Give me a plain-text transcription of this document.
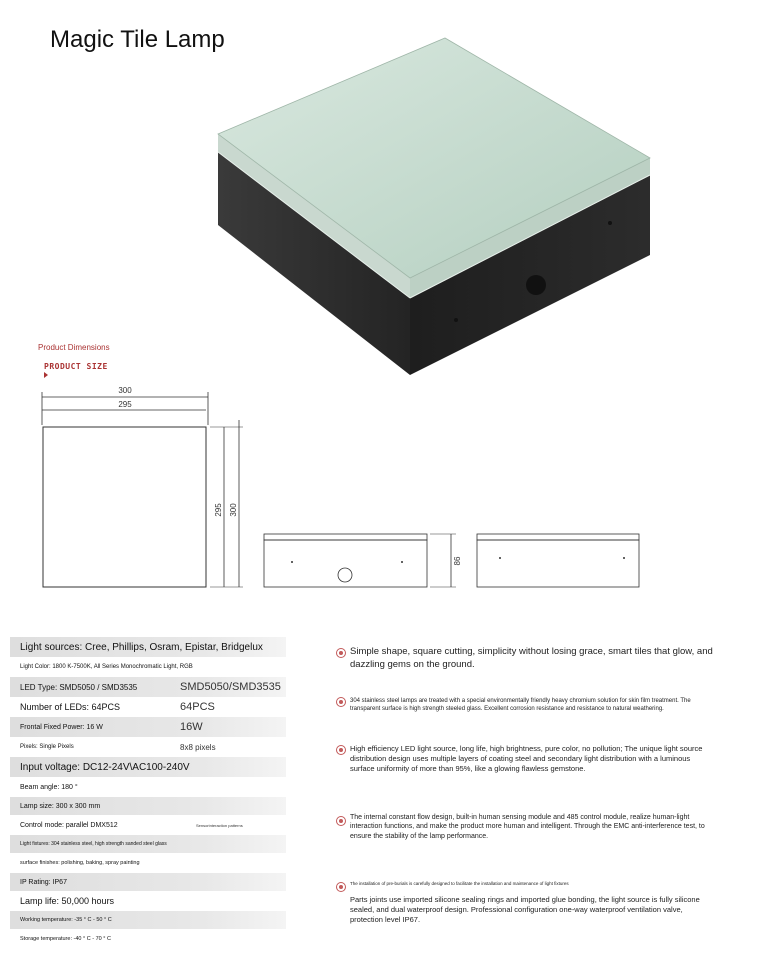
Magic Tile Lamp
Product Dimensions
PRODUCT SIZE
300
295
295 300
86
Light sources: Cree, Phillips, Osram, Epistar, Bridgelux
Light Color: 1800 K-7500K, All Series Monochromatic Light, RGB
LED Type: SMD5050 / SMD3535	SMD5050/SMD3535
Number of LEDs: 64PCS	64PCS
Frontal Fixed Power: 16 W	16W
Pixels: Single Pixels	8x8 pixels
Input voltage: DC12-24V\AC100-240V
Beam angle: 180 °
Lamp size: 300 x 300 mm
Control mode: parallel DMX512	Sensorinteraction patterns
Light fixtures: 304 stainless steel, high strength sanded steel glass
surface finishes: polishing, baking, spray painting
IP Rating: IP67
Lamp life: 50,000 hours
Working temperature: -35 ° C - 50 ° C
Storage temperature: -40 ° C - 70 ° C
Simple shape, square cutting, simplicity without losing grace, smart tiles that glow, and dazzling gems on the ground.
304 stainless steel lamps are treated with a special environmentally friendly heavy chromium solution for skin film treatment. The transparent surface is high strength steeled glass. Excellent corrosion resistance and resistance to natural weathering.
High efficiency LED light source, long life, high brightness, pure color, no pollution; The unique light source distribution design uses multiple layers of coating steel and secondary light distribution with a luminous surface uniformity of more than 95%, like a glowing flawless gemstone.
The internal constant flow design, built-in human sensing module and 485 control module, realize human-light interaction functions, and make the product more human and intelligent. Through the EMC anti-interference test, to ensure the stability of the lamp performance.
The installation of pre-burials is carefully designed to facilitate the installation and maintenance of light fixtures
Parts joints use imported silicone sealing rings and imported glue bonding, the light source is fully silicone sealed, and dual waterproof design. Professional configuration one-way waterproof ventilation valve, protection level IP67.
